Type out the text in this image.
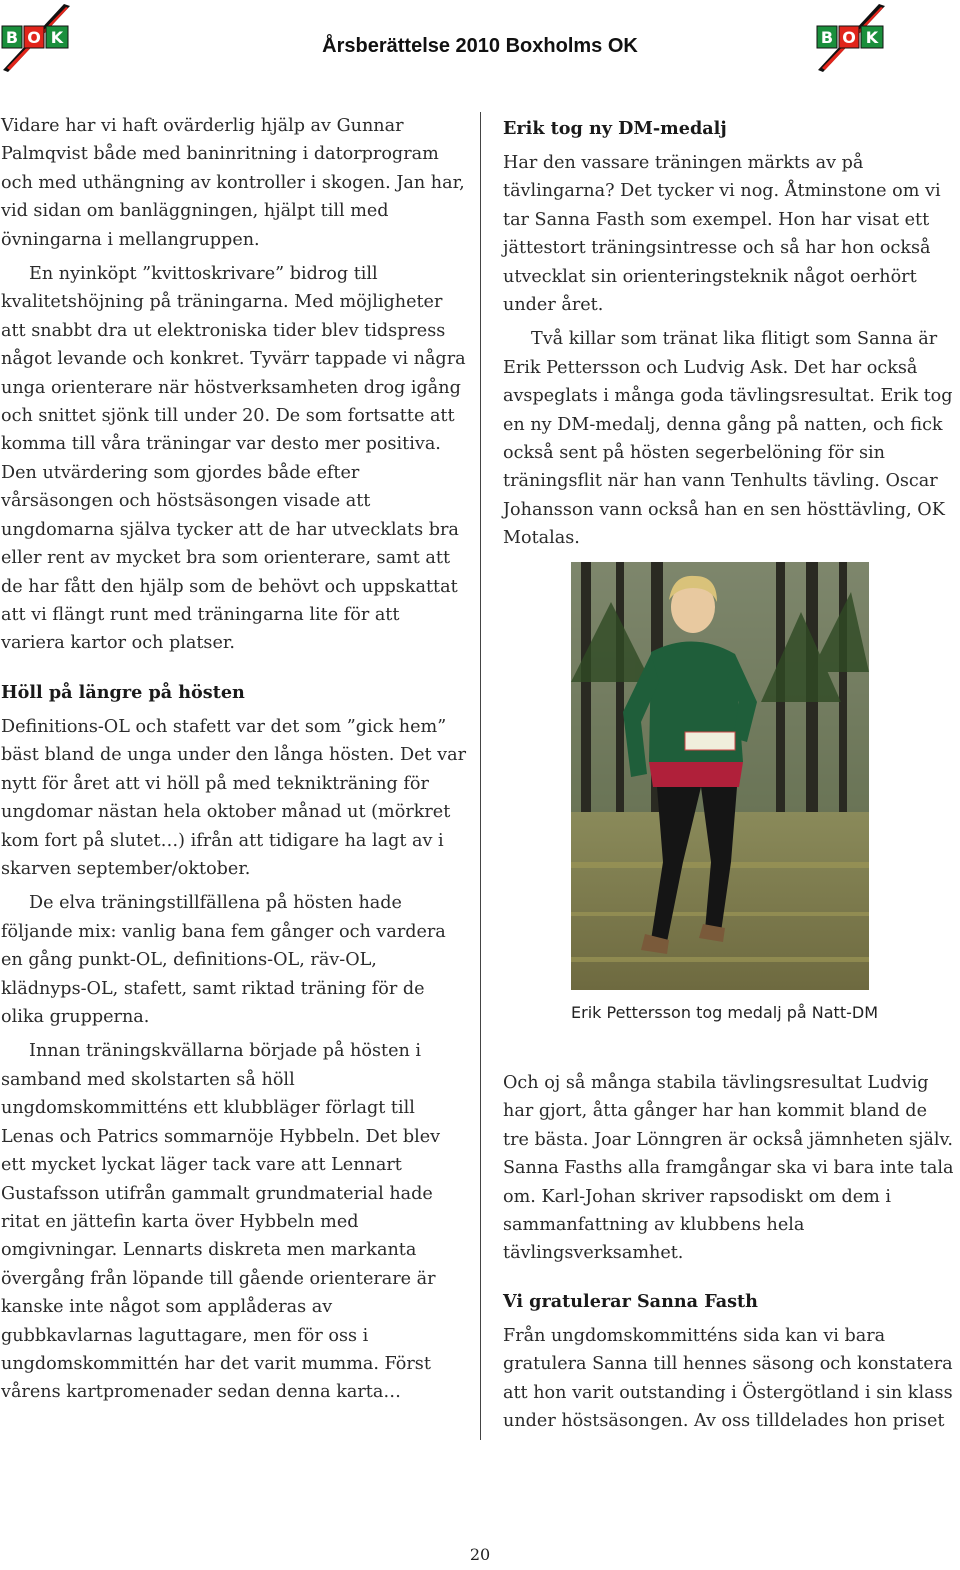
B O K	Årsberättelse 2010 Boxholms OK	B O K

Vidare har vi haft ovärderlig hjälp av Gunnar Palmqvist både med baninritning i datorprogram och med uthängning av kontroller i skogen. Jan har, vid sidan om banläggningen, hjälpt till med övningarna i mellangruppen.

En nyinköpt ”kvittoskrivare” bidrog till kvalitetshöjning på träningarna. Med möjligheter att snabbt dra ut elektroniska tider blev tidspress något levande och konkret. Tyvärr tappade vi några unga orienterare när höstverksamheten drog igång och snittet sjönk till under 20. De som fortsatte att komma till våra träningar var desto mer positiva. Den utvärdering som gjordes både efter vårsäsongen och höstsäsongen visade att ungdomarna själva tycker att de har utvecklats bra eller rent av mycket bra som orienterare, samt att de har fått den hjälp som de behövt och uppskattat att vi flängt runt med träningarna lite för att variera kartor och platser.

Höll på längre på hösten

Definitions-OL och stafett var det som ”gick hem” bäst bland de unga under den långa hösten. Det var nytt för året att vi höll på med teknikträning för ungdomar nästan hela oktober månad ut (mörkret kom fort på slutet…) ifrån att tidigare ha lagt av i skarven september/oktober.

De elva träningstillfällena på hösten hade följande mix: vanlig bana fem gånger och vardera en gång punkt-OL, definitions-OL, räv-OL, klädnyps-OL, stafett, samt riktad träning för de olika grupperna.

Innan träningskvällarna började på hösten i samband med skolstarten så höll ungdomskommitténs ett klubbläger förlagt till Lenas och Patrics sommarnöje Hybbeln. Det blev ett mycket lyckat läger tack vare att Lennart Gustafsson utifrån gammalt grundmaterial hade ritat en jättefin karta över Hybbeln med omgivningar. Lennarts diskreta men markanta övergång från löpande till gående orienterare är kanske inte något som applåderas av gubbkavlarnas laguttagare, men för oss i ungdomskommittén har det varit mumma. Först vårens kartpromenader sedan denna karta…

Erik tog ny DM-medalj

Har den vassare träningen märkts av på tävlingarna? Det tycker vi nog. Åtminstone om vi tar Sanna Fasth som exempel. Hon har visat ett jättestort träningsintresse och så har hon också utvecklat sin orienteringsteknik något oerhört under året.

Två killar som tränat lika flitigt som Sanna är Erik Pettersson och Ludvig Ask. Det har också avspeglats i många goda tävlingsresultat. Erik tog en ny DM-medalj, denna gång på natten, och fick också sent på hösten segerbelöning för sin träningsflit när han vann Tenhults tävling. Oscar Johansson vann också han en sen hösttävling, OK Motalas.

Erik Pettersson tog medalj på Natt-DM

Och oj så många stabila tävlingsresultat Ludvig har gjort, åtta gånger har han kommit bland de tre bästa. Joar Lönngren är också jämnheten själv. Sanna Fasths alla framgångar ska vi bara inte tala om. Karl-Johan skriver rapsodiskt om dem i sammanfattning av klubbens hela tävlingsverksamhet.

Vi gratulerar Sanna Fasth

Från ungdomskommitténs sida kan vi bara gratulera Sanna till hennes säsong och konstatera att hon varit outstanding i Östergötland i sin klass under höstsäsongen. Av oss tilldelades hon priset

20
